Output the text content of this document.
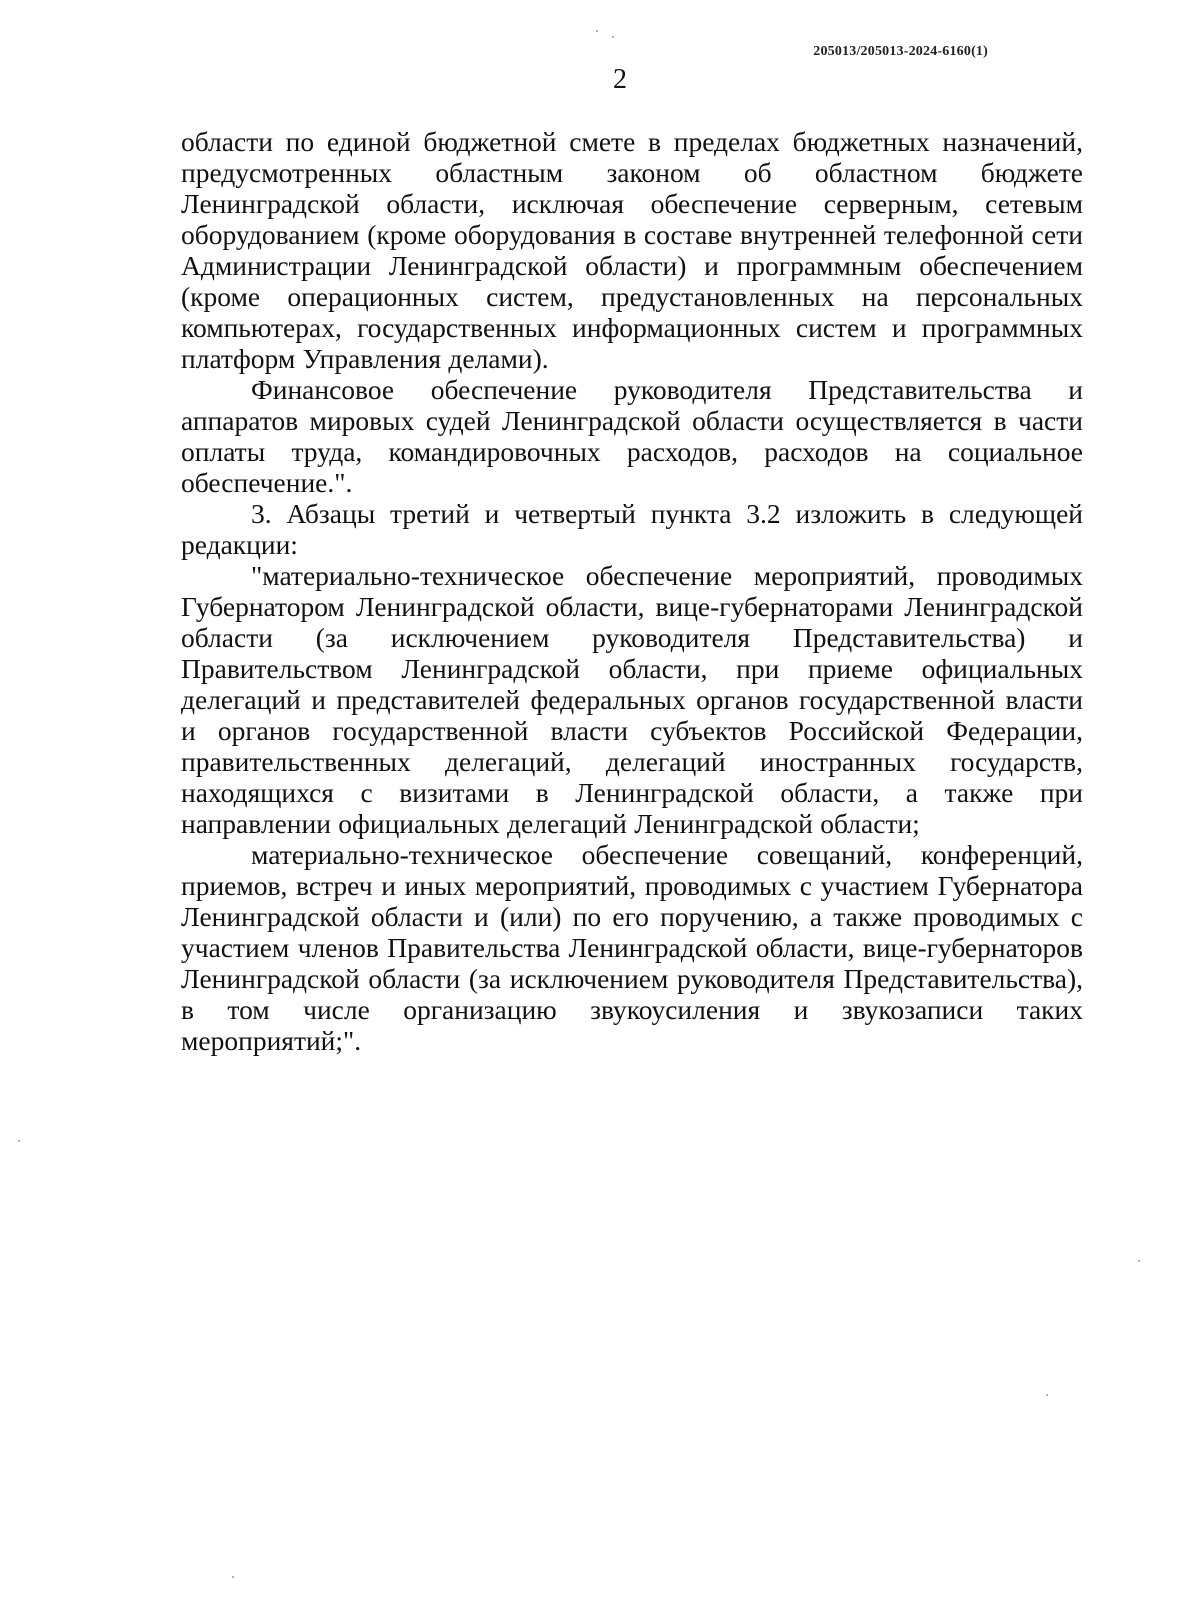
205013/205013-2024-6160(1)
2

области по единой бюджетной смете в пределах бюджетных назначений, предусмотренных областным законом об областном бюджете Ленинградской области, исключая обеспечение серверным, сетевым оборудованием (кроме оборудования в составе внутренней телефонной сети Администрации Ленинградской области) и программным обеспечением (кроме операционных систем, предустановленных на персональных компьютерах, государственных информационных систем и программных платформ Управления делами).

Финансовое обеспечение руководителя Представительства и аппаратов мировых судей Ленинградской области осуществляется в части оплаты труда, командировочных расходов, расходов на социальное обеспечение.".

3. Абзацы третий и четвертый пункта 3.2 изложить в следующей редакции:

"материально-техническое обеспечение мероприятий, проводимых Губернатором Ленинградской области, вице-губернаторами Ленинградской области (за исключением руководителя Представительства) и Правительством Ленинградской области, при приеме официальных делегаций и представителей федеральных органов государственной власти и органов государственной власти субъектов Российской Федерации, правительственных делегаций, делегаций иностранных государств, находящихся с визитами в Ленинградской области, а также при направлении официальных делегаций Ленинградской области;

материально-техническое обеспечение совещаний, конференций, приемов, встреч и иных мероприятий, проводимых с участием Губернатора Ленинградской области и (или) по его поручению, а также проводимых с участием членов Правительства Ленинградской области, вице-губернаторов Ленинградской области (за исключением руководителя Представительства), в том числе организацию звукоусиления и звукозаписи таких мероприятий;".
